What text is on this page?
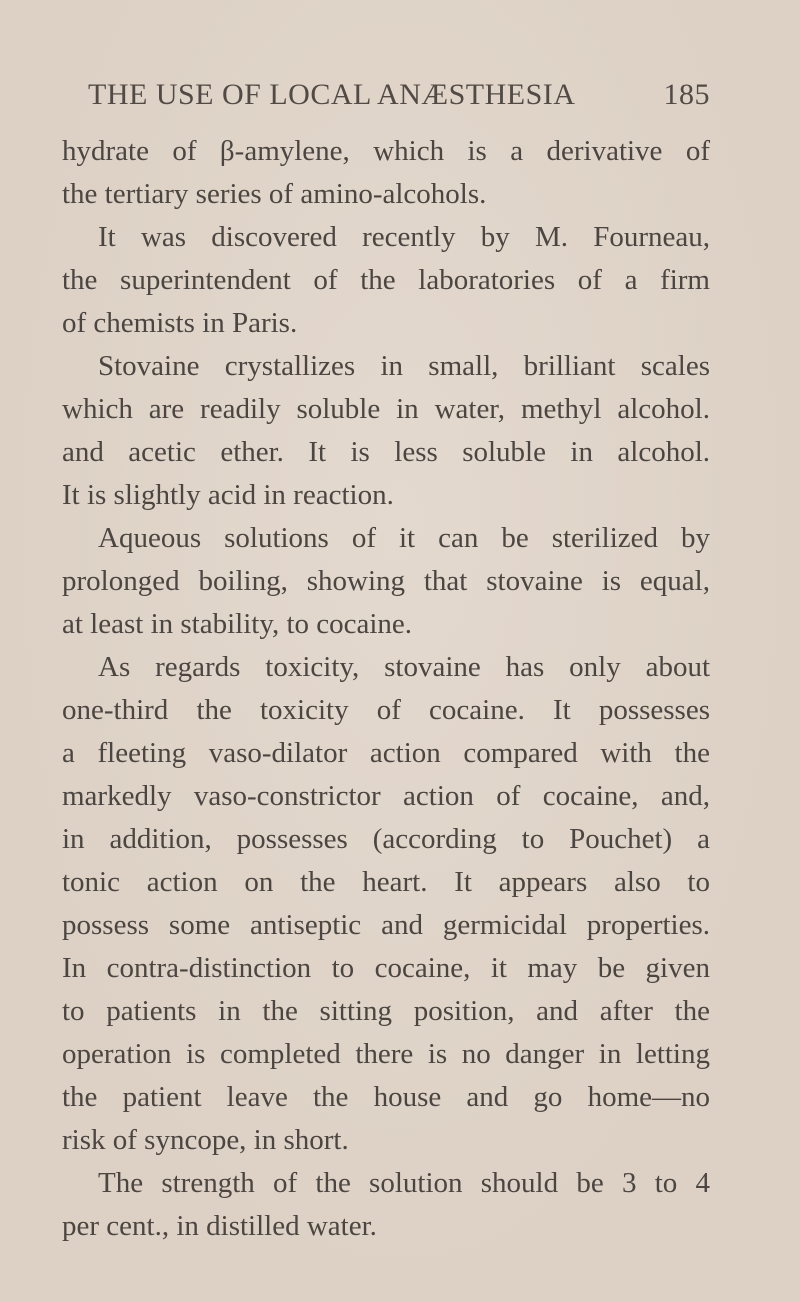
THE USE OF LOCAL ANÆSTHESIA	185
hydrate of β-amylene, which is a derivative of
the tertiary series of amino-alcohols.
It was discovered recently by M. Fourneau,
the superintendent of the laboratories of a firm
of chemists in Paris.
Stovaine crystallizes in small, brilliant scales
which are readily soluble in water, methyl alcohol.
and acetic ether. It is less soluble in alcohol.
It is slightly acid in reaction.
Aqueous solutions of it can be sterilized by
prolonged boiling, showing that stovaine is equal,
at least in stability, to cocaine.
As regards toxicity, stovaine has only about
one-third the toxicity of cocaine. It possesses
a fleeting vaso-dilator action compared with the
markedly vaso-constrictor action of cocaine, and,
in addition, possesses (according to Pouchet) a
tonic action on the heart. It appears also to
possess some antiseptic and germicidal properties.
In contra-distinction to cocaine, it may be given
to patients in the sitting position, and after the
operation is completed there is no danger in letting
the patient leave the house and go home—no
risk of syncope, in short.
The strength of the solution should be 3 to 4
per cent., in distilled water.
